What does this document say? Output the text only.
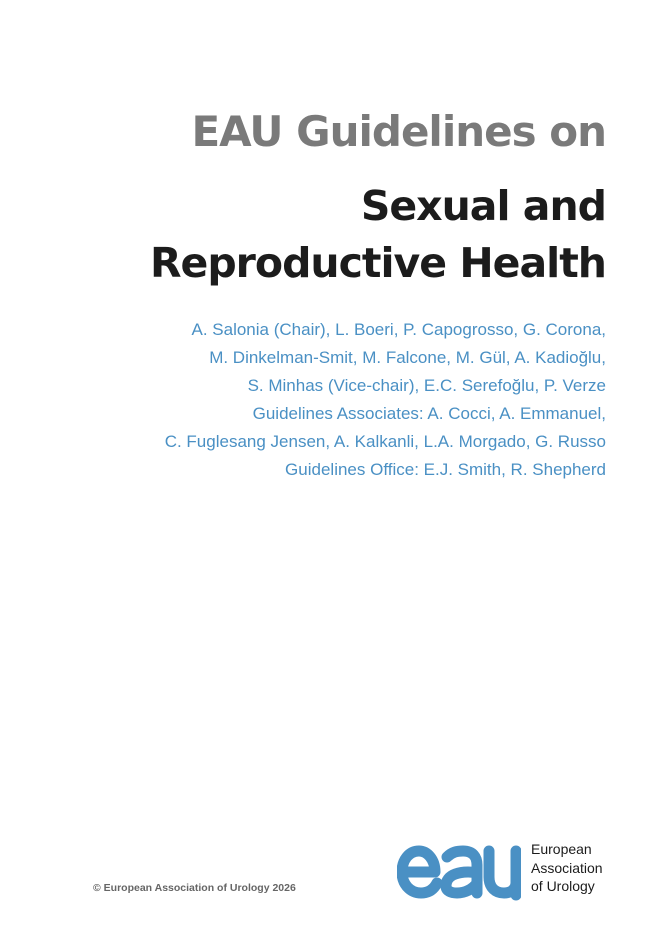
EAU Guidelines on
Sexual and
Reproductive Health
A. Salonia (Chair), L. Boeri, P. Capogrosso, G. Corona,
M. Dinkelman-Smit, M. Falcone, M. Gül, A. Kadioğlu,
S. Minhas (Vice-chair), E.C. Serefoğlu, P. Verze
Guidelines Associates: A. Cocci, A. Emmanuel,
C. Fuglesang Jensen, A. Kalkanli, L.A. Morgado, G. Russo
Guidelines Office: E.J. Smith, R. Shepherd
© European Association of Urology 2026
European
Association
of Urology
